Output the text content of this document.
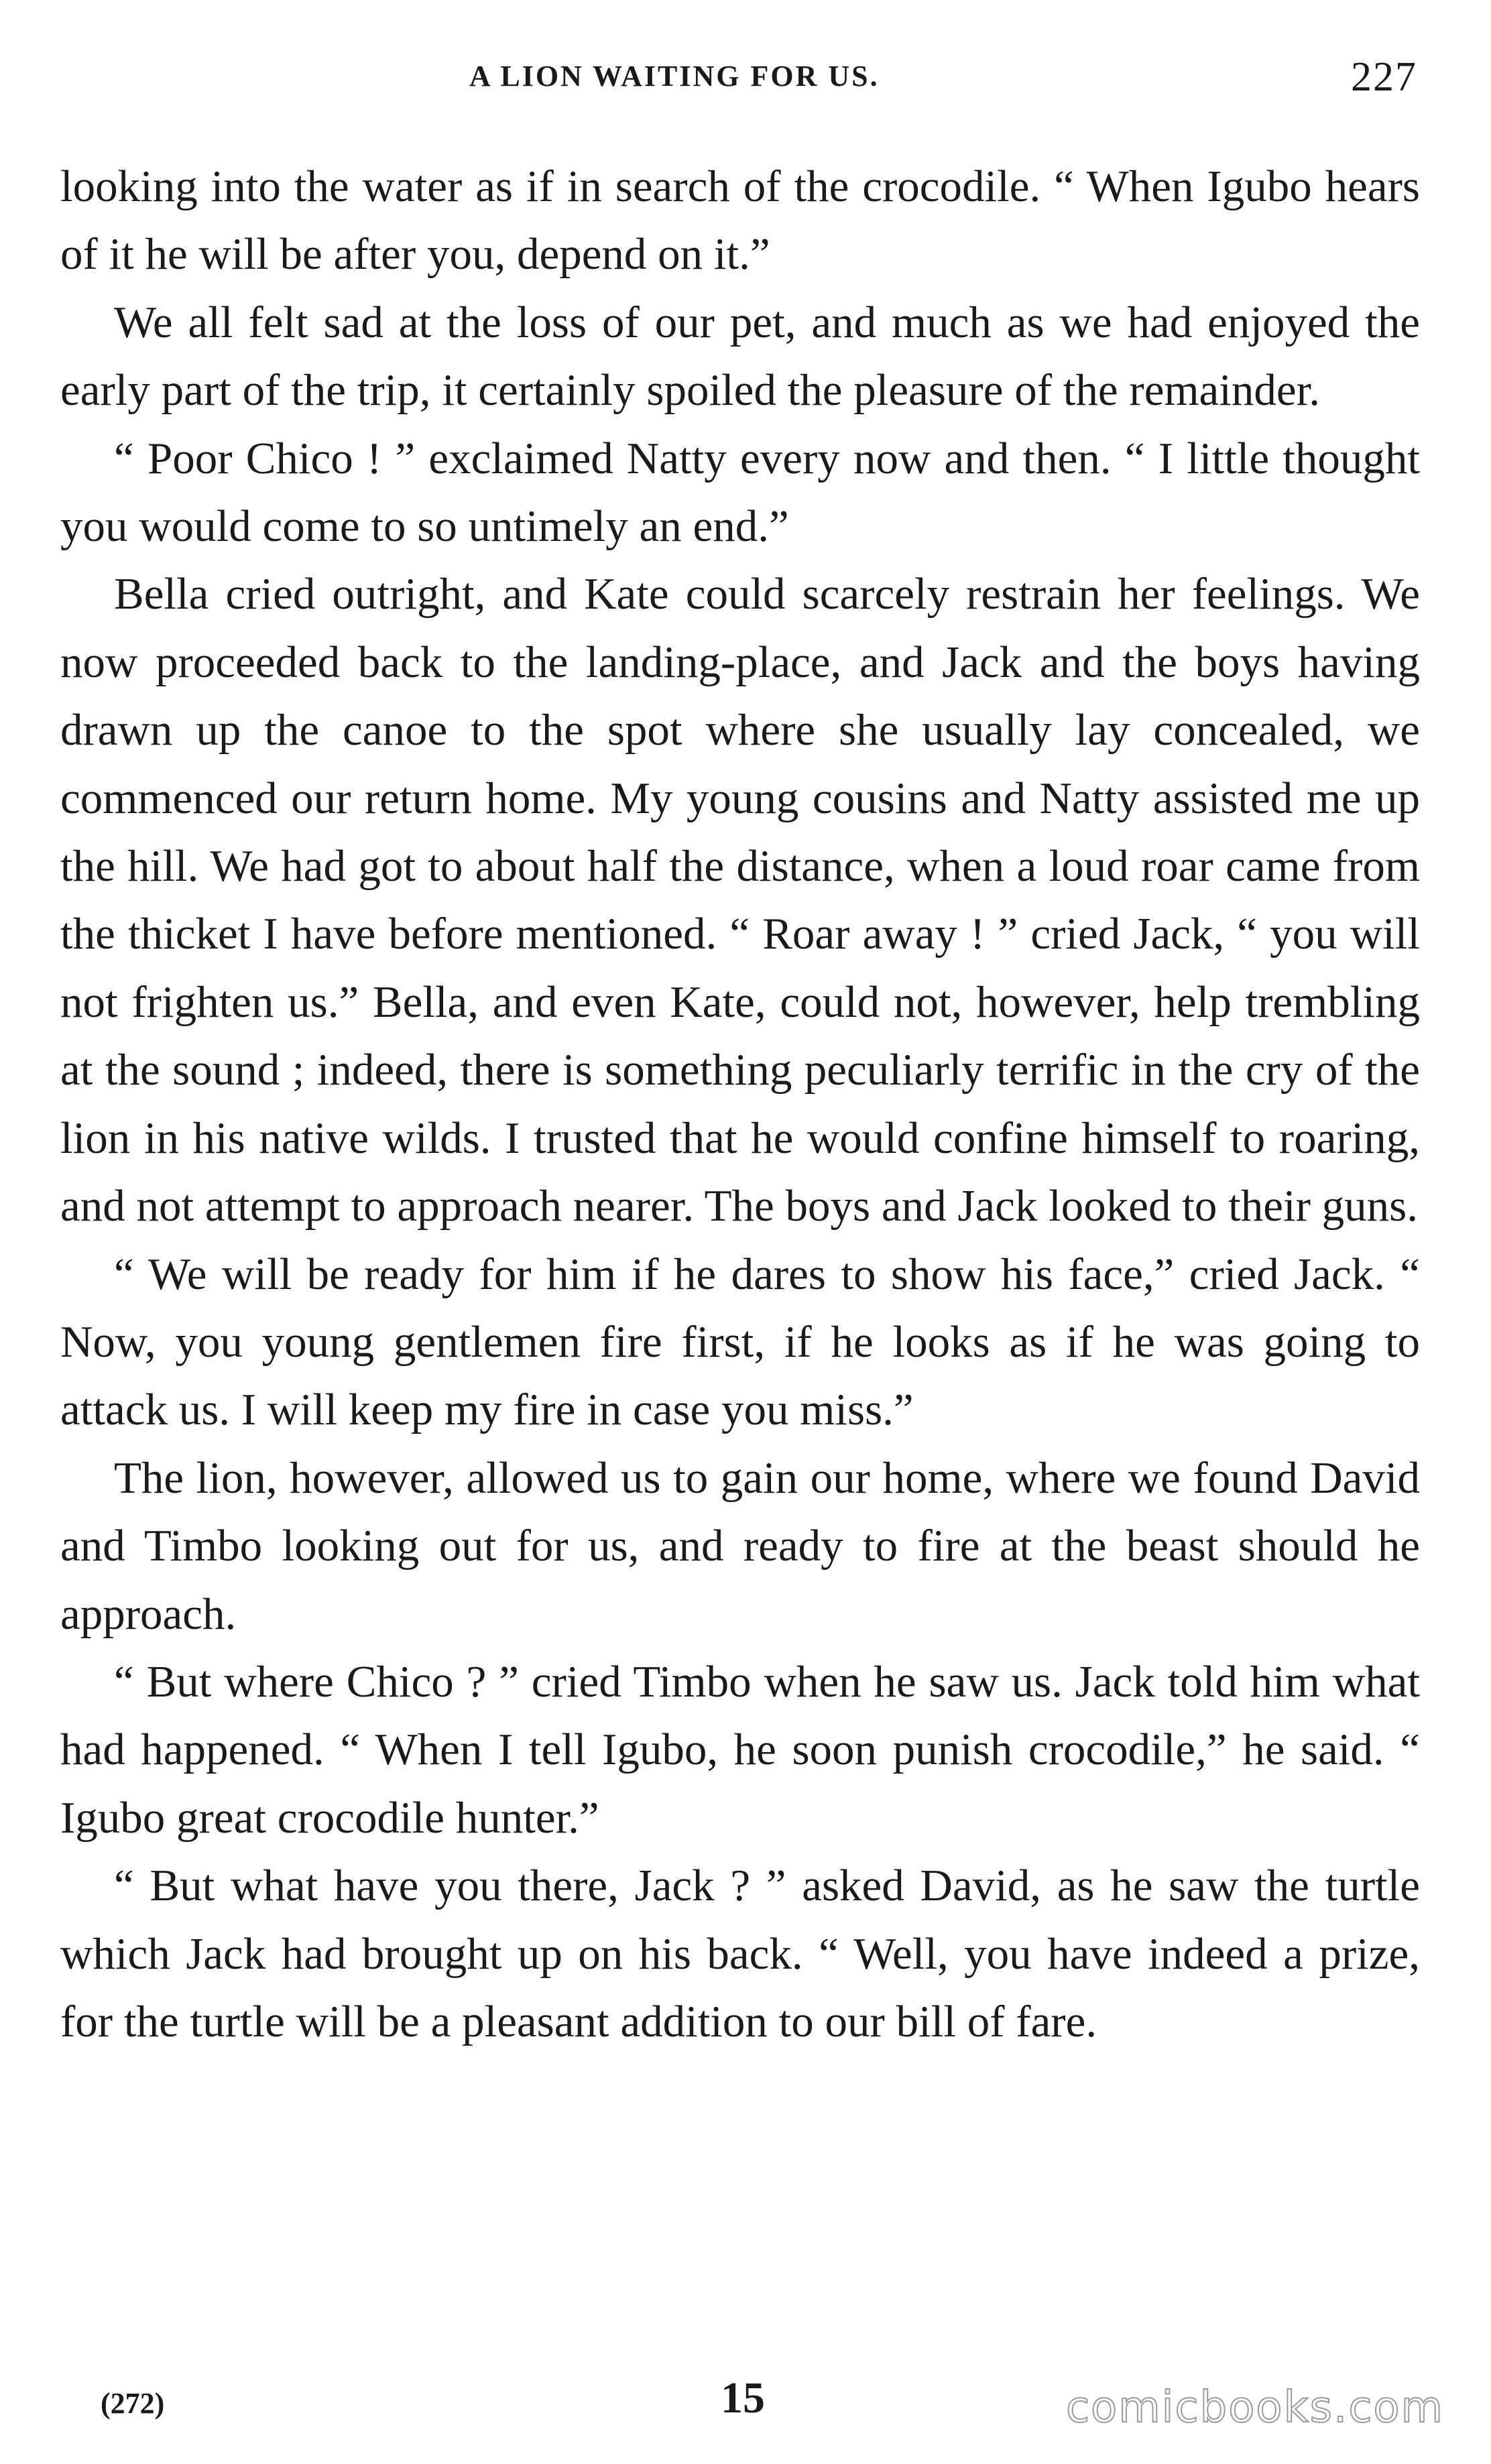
A LION WAITING FOR US.	227

looking into the water as if in search of the crocodile. “ When Igubo hears of it he will be after you, depend on it.”

We all felt sad at the loss of our pet, and much as we had enjoyed the early part of the trip, it certainly spoiled the pleasure of the remainder.

“ Poor Chico ! ” exclaimed Natty every now and then. “ I little thought you would come to so untimely an end.”

Bella cried outright, and Kate could scarcely restrain her feelings. We now proceeded back to the landing-place, and Jack and the boys having drawn up the canoe to the spot where she usually lay concealed, we commenced our return home. My young cousins and Natty assisted me up the hill. We had got to about half the distance, when a loud roar came from the thicket I have before mentioned. “ Roar away ! ” cried Jack, “ you will not frighten us.” Bella, and even Kate, could not, however, help trembling at the sound ; indeed, there is something peculiarly terrific in the cry of the lion in his native wilds. I trusted that he would confine himself to roaring, and not attempt to approach nearer. The boys and Jack looked to their guns.

“ We will be ready for him if he dares to show his face,” cried Jack. “ Now, you young gentlemen fire first, if he looks as if he was going to attack us. I will keep my fire in case you miss.”

The lion, however, allowed us to gain our home, where we found David and Timbo looking out for us, and ready to fire at the beast should he approach.

“ But where Chico ? ” cried Timbo when he saw us. Jack told him what had happened. “ When I tell Igubo, he soon punish crocodile,” he said. “ Igubo great crocodile hunter.”

“ But what have you there, Jack ? ” asked David, as he saw the turtle which Jack had brought up on his back. “ Well, you have indeed a prize, for the turtle will be a pleasant addition to our bill of fare.

(272)	15	comicbooks.com
